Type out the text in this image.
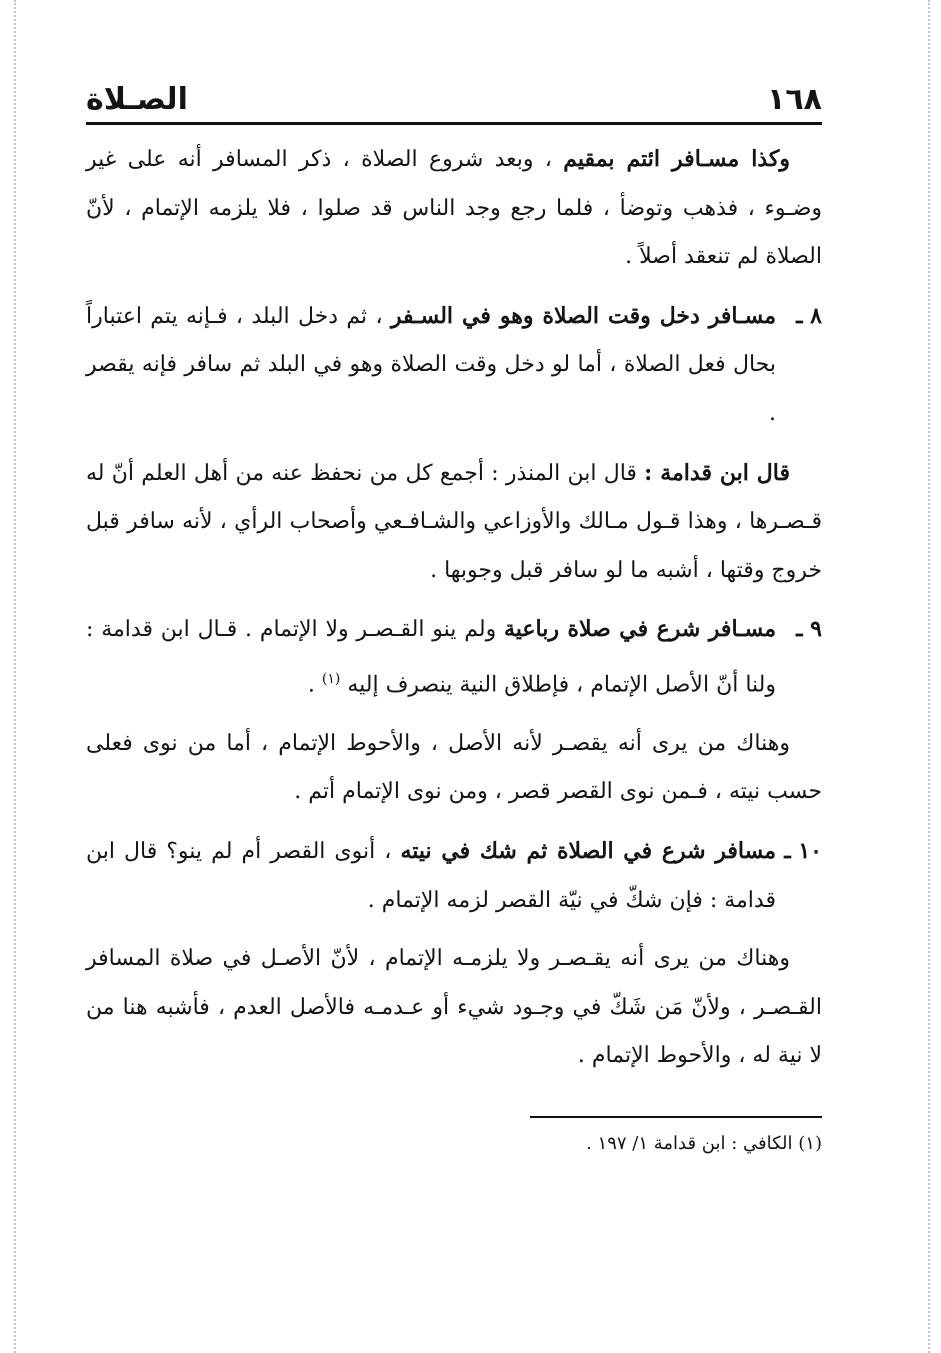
١٦٨
الصـلاة

وكذا مسـافر ائتم بمقيم ، وبعد شروع الصلاة ، ذكر المسافر أنه على غير وضـوء ، فذهب وتوضأ ، فلما رجع وجد الناس قد صلوا ، فلا يلزمه الإتمام ، لأنّ الصلاة لم تنعقد أصلاً .

٨ ـمسـافر دخل وقت الصلاة وهو في السـفر ، ثم دخل البلد ، فـإنه يتم اعتباراً بحال فعل الصلاة ، أما لو دخل وقت الصلاة وهو في البلد ثم سافر فإنه يقصر .

قال ابن قدامة : قال ابن المنذر : أجمع كل من نحفظ عنه من أهل العلم أنّ له قـصـرها ، وهذا قـول مـالك والأوزاعي والشـافـعي وأصحاب الرأي ، لأنه سافر قبل خروج وقتها ، أشبه ما لو سافر قبل وجوبها .

٩ ـمسـافر شرع في صلاة رباعية ولم ينو القـصـر ولا الإتمام . قـال ابن قدامة : ولنا أنّ الأصل الإتمام ، فإطلاق النية ينصرف إليه $^{(١)}$ .

وهناك من يرى أنه يقصـر لأنه الأصل ، والأحوط الإتمام ، أما من نوى فعلى حسب نيته ، فـمن نوى القصر قصر ، ومن نوى الإتمام أتم .

١٠ ـمسافر شرع في الصلاة ثم شك في نيته ، أنوى القصر أم لم ينو؟ قال ابن قدامة : فإن شكّ في نيّة القصر لزمه الإتمام .

وهناك من يرى أنه يقـصـر ولا يلزمـه الإتمام ، لأنّ الأصـل في صلاة المسافر القـصـر ، ولأنّ مَن شَكّ في وجـود شيء أو عـدمـه فالأصل العدم ، فأشبه هنا من لا نية له ، والأحوط الإتمام .

(١) الكافي : ابن قدامة ١/ ١٩٧ .
